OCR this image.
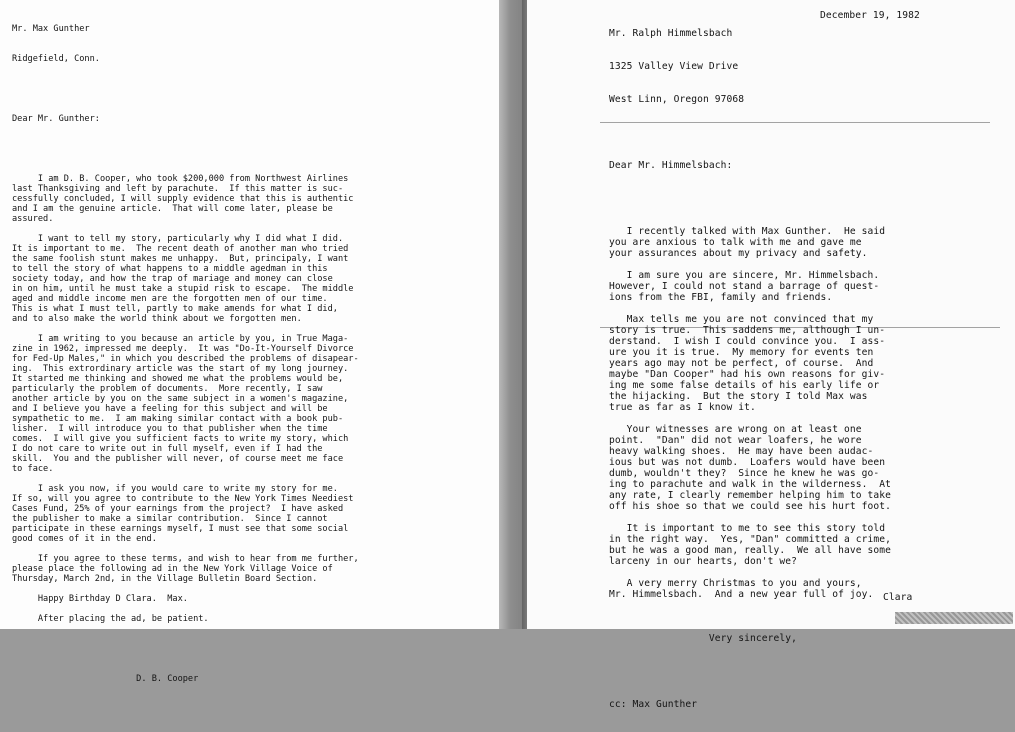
Mr. Max Gunther

Ridgefield, Conn.

Dear Mr. Gunther:

I am D. B. Cooper, who took $200,000 from Northwest Airlines
last Thanksgiving and left by parachute.  If this matter is suc-
cessfully concluded, I will supply evidence that this is authentic
and I am the genuine article.  That will come later, please be
assured.
I want to tell my story, particularly why I did what I did.
It is important to me.  The recent death of another man who tried
the same foolish stunt makes me unhappy.  But, principaly, I want
to tell the story of what happens to a middle agedman in this
society today, and how the trap of mariage and money can close
in on him, until he must take a stupid risk to escape.  The middle
aged and middle income men are the forgotten men of our time.
This is what I must tell, partly to make amends for what I did,
and to also make the world think about we forgotten men.
I am writing to you because an article by you, in True Maga-
zine in 1962, impressed me deeply.  It was "Do-It-Yourself Divorce
for Fed-Up Males," in which you described the problems of disapear-
ing.  This extrordinary article was the start of my long journey.
It started me thinking and showed me what the problems would be,
particularly the problem of documents.  More recently, I saw
another article by you on the same subject in a women's magazine,
and I believe you have a feeling for this subject and will be
sympathetic to me.  I am making similar contact with a book pub-
lisher.  I will introduce you to that publisher when the time
comes.  I will give you sufficient facts to write my story, which
I do not care to write out in full myself, even if I had the
skill.  You and the publisher will never, of course meet me face
to face.
I ask you now, if you would care to write my story for me.
If so, will you agree to contribute to the New York Times Neediest
Cases Fund, 25% of your earnings from the project?  I have asked
the publisher to make a similar contribution.  Since I cannot
participate in these earnings myself, I must see that some social
good comes of it in the end.
If you agree to these terms, and wish to hear from me further,
please place the following ad in the New York Village Voice of
Thursday, March 2nd, in the Village Bulletin Board Section.
Happy Birthday D Clara.  Max.
After placing the ad, be patient.

D. B. Cooper

Mr. Ralph Himmelsbach

1325 Valley View Drive

West Linn, Oregon 97068

Dear Mr. Himmelsbach:

I recently talked with Max Gunther.  He said
you are anxious to talk with me and gave me
your assurances about my privacy and safety.
I am sure you are sincere, Mr. Himmelsbach.
However, I could not stand a barrage of quest-
ions from the FBI, family and friends.
Max tells me you are not convinced that my
story is true.  This saddens me, although I un-
derstand.  I wish I could convince you.  I ass-
ure you it is true.  My memory for events ten
years ago may not be perfect, of course.  And
maybe "Dan Cooper" had his own reasons for giv-
ing me some false details of his early life or
the hijacking.  But the story I told Max was
true as far as I know it.
Your witnesses are wrong on at least one
point.  "Dan" did not wear loafers, he wore
heavy walking shoes.  He may have been audac-
ious but was not dumb.  Loafers would have been
dumb, wouldn't they?  Since he knew he was go-
ing to parachute and walk in the wilderness.  At
any rate, I clearly remember helping him to take
off his shoe so that we could see his hurt foot.
It is important to me to see this story told
in the right way.  Yes, "Dan" committed a crime,
but he was a good man, really.  We all have some
larceny in our hearts, don't we?
A very merry Christmas to you and yours,
Mr. Himmelsbach.  And a new year full of joy.

Very sincerely,

cc: Max Gunther

December 19, 1982
Clara
